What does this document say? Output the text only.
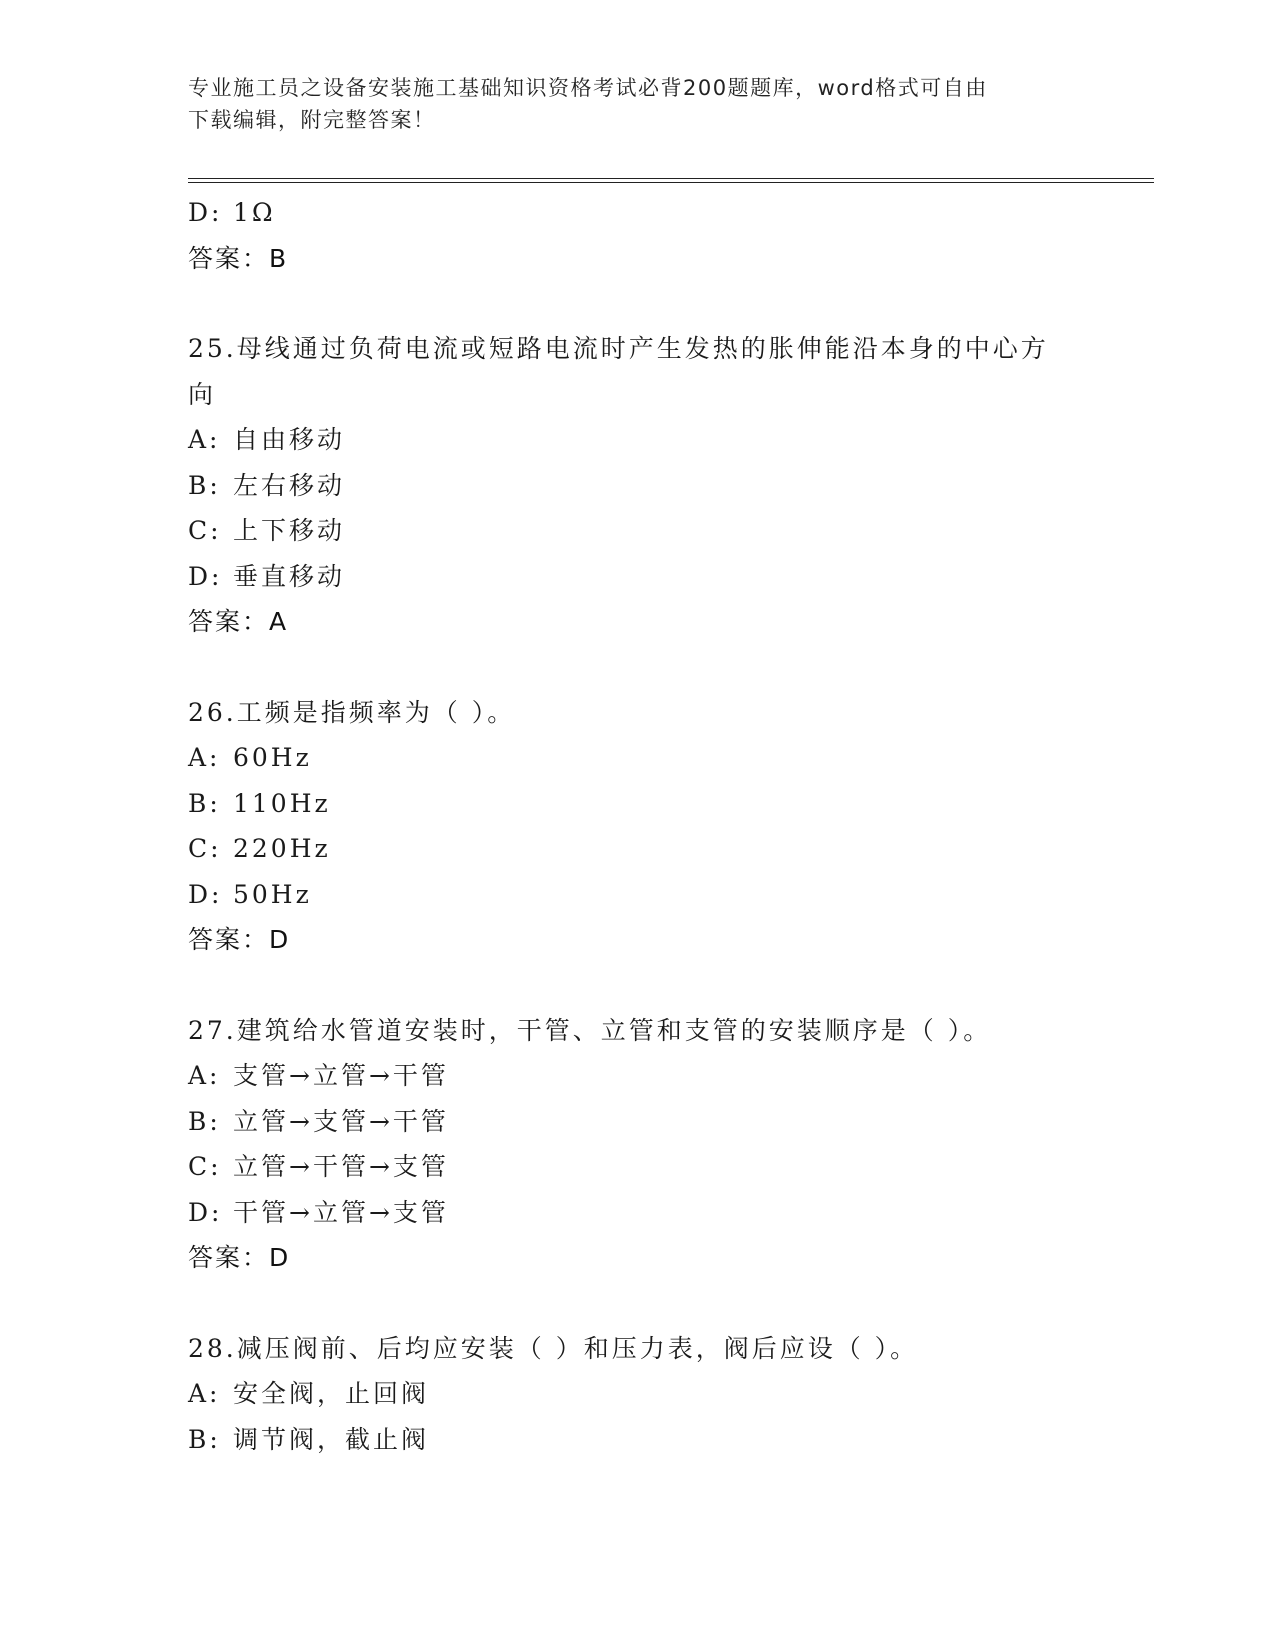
专业施工员之设备安装施工基础知识资格考试必背200题题库，word格式可自由
下载编辑，附完整答案！
D: 1Ω
答案：B
25.母线通过负荷电流或短路电流时产生发热的胀伸能沿本身的中心方
向
A: 自由移动
B: 左右移动
C: 上下移动
D: 垂直移动
答案：A
26.工频是指频率为（ ）。
A: 60Hz
B: 110Hz
C: 220Hz
D: 50Hz
答案：D
27.建筑给水管道安装时，干管、立管和支管的安装顺序是（ ）。
A: 支管→立管→干管
B: 立管→支管→干管
C: 立管→干管→支管
D: 干管→立管→支管
答案：D
28.减压阀前、后均应安装（ ）和压力表，阀后应设（ ）。
A: 安全阀，止回阀
B: 调节阀，截止阀
